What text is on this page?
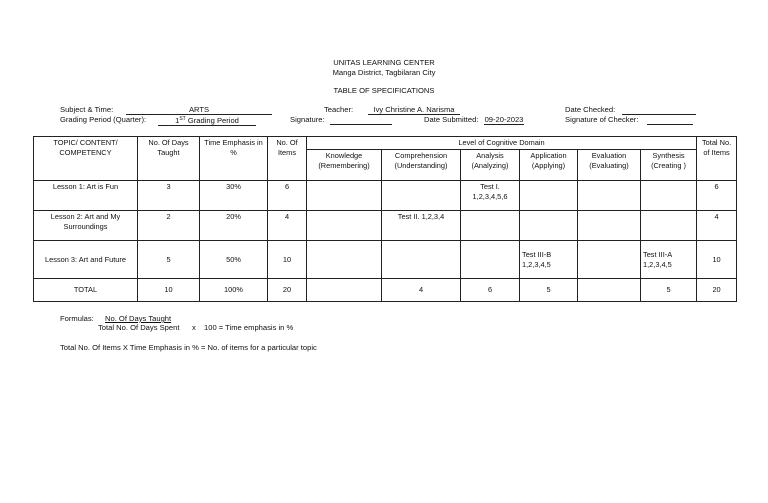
UNITAS LEARNING CENTER
Manga District, Tagbilaran City
TABLE OF SPECIFICATIONS
Subject & Time:	ARTS
Grading Period (Quarter):	1ST Grading Period
Teacher:	Ivy Christine A. Narisma
Signature:
	Date Submitted: 09-20-2023
Date Checked:

Signature of Checker:

TOPIC/ CONTENT/ COMPETENCY	No. Of Days Taught	Time Emphasis in %	No. Of Items	Level of Cognitive Domain						Total No. of Items
				Knowledge (Remembering)	Comprehension (Understanding)	Analysis (Analyzing)	Application (Applying)	Evaluation (Evaluating)	Synthesis (Creating )	
Lesson 1: Art is Fun	3	30%	6			Test I. 1,2,3,4,5,6				6
Lesson 2: Art and My Surroundings	2	20%	4		Test II. 1,2,3,4					4
Lesson 3: Art and Future	5	50%	10				Test III-B 1,2,3,4,5		Test III-A 1,2,3,4,5	10
TOTAL	10	100%	20		4	6	5		5	20
Formulas: No. Of Days Taught
Total No. Of Days Spent x 100 = Time emphasis in %
Total No. Of Items X Time Emphasis in % = No. of items for a particular topic
